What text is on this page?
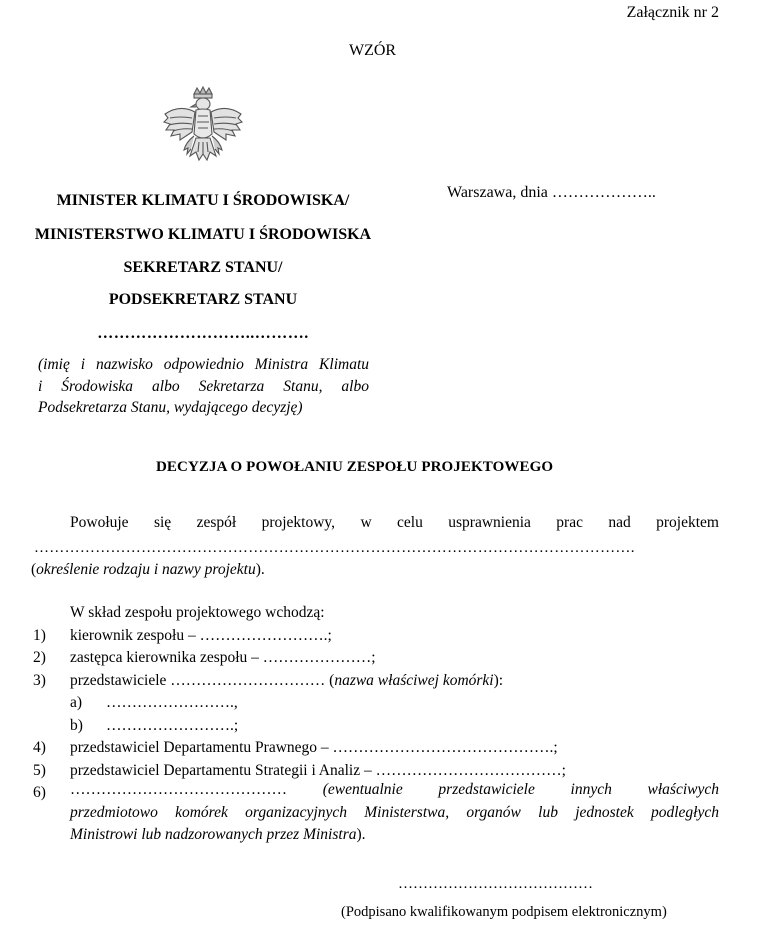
Załącznik nr 2
WZÓR
MINISTER KLIMATU I ŚRODOWISKA/
MINISTERSTWO KLIMATU I ŚRODOWISKA
SEKRETARZ STANU/
PODSEKRETARZ STANU
………………………..……….
(imię i nazwisko odpowiednio Ministra Klimatu
i Środowiska albo Sekretarza Stanu, albo
Podsekretarza Stanu, wydającego decyzję)
Warszawa, dnia ………………..
DECYZJA O POWOŁANIU ZESPOŁU PROJEKTOWEGO
Powołuje się zespół projektowy, w celu usprawnienia prac nad projektem
……………………………………………………………………………………………………….
(określenie rodzaju i nazwy projektu).
W skład zespołu projektowego wchodzą:
1) kierownik zespołu – …………………….;
2) zastępca kierownika zespołu – …………………;
3) przedstawiciele ………………………… (nazwa właściwej komórki):
a) …………………….,
b) …………………….;
4) przedstawiciel Departamentu Prawnego – …………………………………….;
5) przedstawiciel Departamentu Strategii i Analiz – ………………………………;
6) …………………………………… (ewentualnie przedstawiciele innych właściwych
przedmiotowo komórek organizacyjnych Ministerstwa, organów lub jednostek podległych
Ministrowi lub nadzorowanych przez Ministra).
…………………………………
(Podpisano kwalifikowanym podpisem elektronicznym)
